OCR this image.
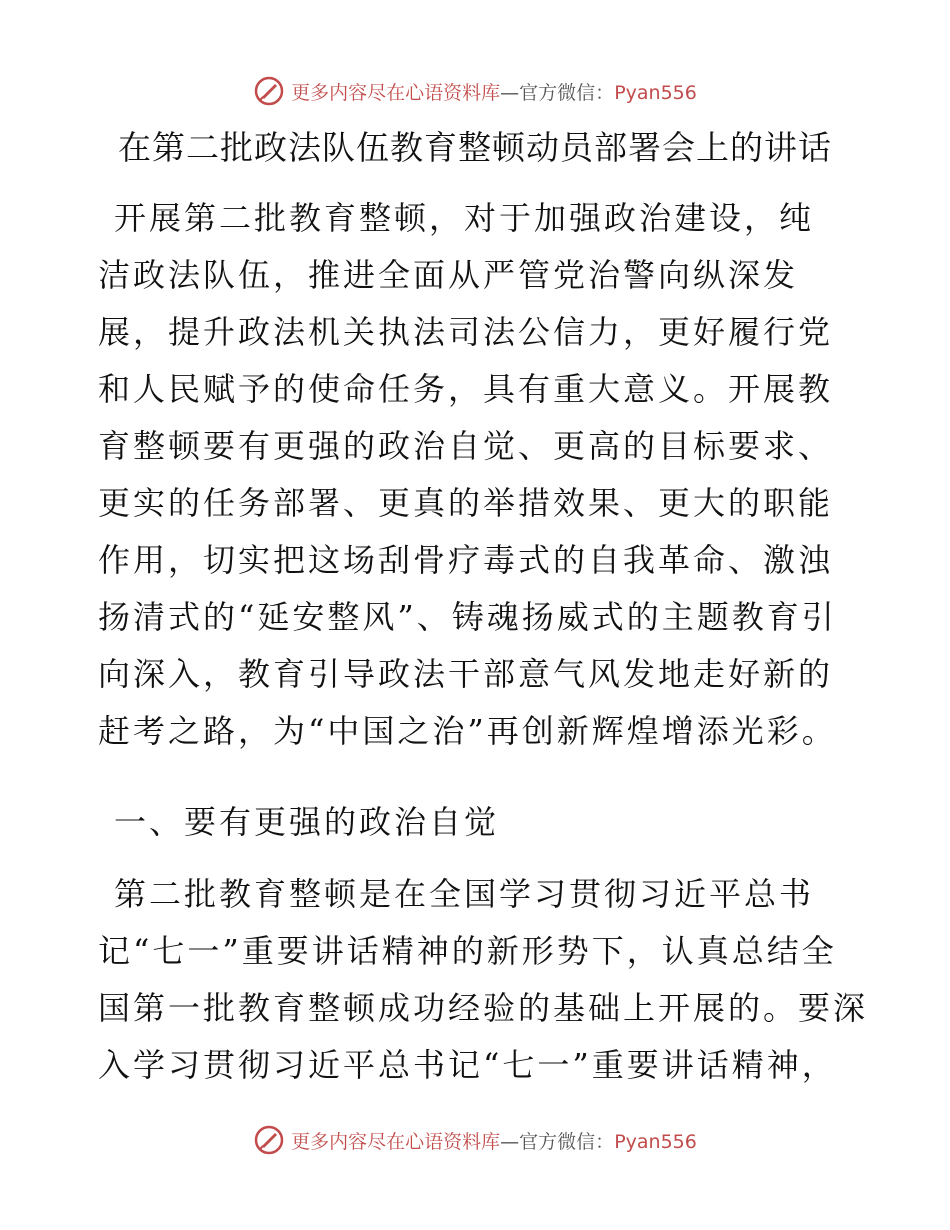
更多内容尽在心语资料库—官方微信：Pyan556
在第二批政法队伍教育整顿动员部署会上的讲话
开展第二批教育整顿，对于加强政治建设，纯洁政法队伍，推进全面从严管党治警向纵深发展，提升政法机关执法司法公信力，更好履行党和人民赋予的使命任务，具有重大意义。开展教育整顿要有更强的政治自觉、更高的目标要求、更实的任务部署、更真的举措效果、更大的职能作用，切实把这场刮骨疗毒式的自我革命、激浊扬清式的“延安整风”、铸魂扬威式的主题教育引向深入，教育引导政法干部意气风发地走好新的赶考之路，为“中国之治”再创新辉煌增添光彩。
一、要有更强的政治自觉
第二批教育整顿是在全国学习贯彻习近平总书
记“七一”重要讲话精神的新形势下，认真总结全
国第一批教育整顿成功经验的基础上开展的。要深
入学习贯彻习近平总书记“七一”重要讲话精神，
更多内容尽在心语资料库—官方微信：Pyan556
